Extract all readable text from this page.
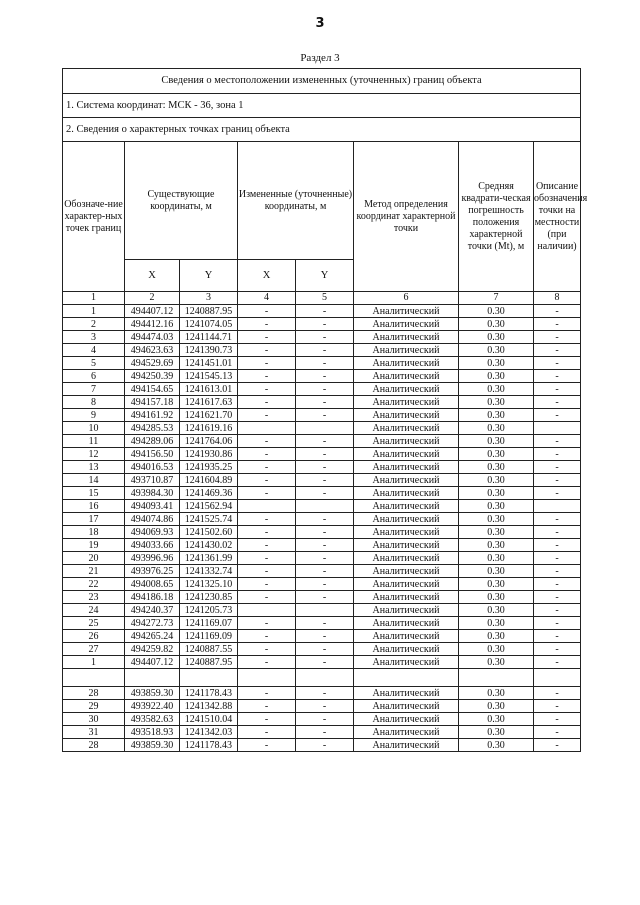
3
Раздел 3
Сведения о местоположении измененных (уточненных) границ объекта							
1. Система координат: МСК - 36, зона 1							
2. Сведения о характерных точках границ объекта							
Обозначе-ние характер-ных точек границ	Существующие координаты, м		Измененные (уточненные) координаты, м		Метод определения координат характерной точки	Средняя квадрати-ческая погрешность положения характерной точки (Mt), м	Описание обозначения точки на местности (при наличии)
	X	Y	X	Y			
1	2	3	4	5	6	7	8
1	494407.12	1240887.95	-	-	Аналитический	0.30	-
2	494412.16	1241074.05	-	-	Аналитический	0.30	-
3	494474.03	1241144.71	-	-	Аналитический	0.30	-
4	494623.63	1241390.73	-	-	Аналитический	0.30	-
5	494529.69	1241451.01	-	-	Аналитический	0.30	-
6	494250.39	1241545.13	-	-	Аналитический	0.30	-
7	494154.65	1241613.01	-	-	Аналитический	0.30	-
8	494157.18	1241617.63	-	-	Аналитический	0.30	-
9	494161.92	1241621.70	-	-	Аналитический	0.30	-
10	494285.53	1241619.16			Аналитический	0.30	
11	494289.06	1241764.06	-	-	Аналитический	0.30	-
12	494156.50	1241930.86	-	-	Аналитический	0.30	-
13	494016.53	1241935.25	-	-	Аналитический	0.30	-
14	493710.87	1241604.89	-	-	Аналитический	0.30	-
15	493984.30	1241469.36	-	-	Аналитический	0.30	-
16	494093.41	1241562.94			Аналитический	0.30	
17	494074.86	1241525.74	-	-	Аналитический	0.30	-
18	494069.93	1241502.60	-	-	Аналитический	0.30	-
19	494033.66	1241430.02	-	-	Аналитический	0.30	-
20	493996.96	1241361.99	-	-	Аналитический	0.30	-
21	493976.25	1241332.74	-	-	Аналитический	0.30	-
22	494008.65	1241325.10	-	-	Аналитический	0.30	-
23	494186.18	1241230.85	-	-	Аналитический	0.30	-
24	494240.37	1241205.73			Аналитический	0.30	-
25	494272.73	1241169.07	-	-	Аналитический	0.30	-
26	494265.24	1241169.09	-	-	Аналитический	0.30	-
27	494259.82	1240887.55	-	-	Аналитический	0.30	-
1	494407.12	1240887.95	-	-	Аналитический	0.30	-

28	493859.30	1241178.43	-	-	Аналитический	0.30	-
29	493922.40	1241342.88	-	-	Аналитический	0.30	-
30	493582.63	1241510.04	-	-	Аналитический	0.30	-
31	493518.93	1241342.03	-	-	Аналитический	0.30	-
28	493859.30	1241178.43	-	-	Аналитический	0.30	-
